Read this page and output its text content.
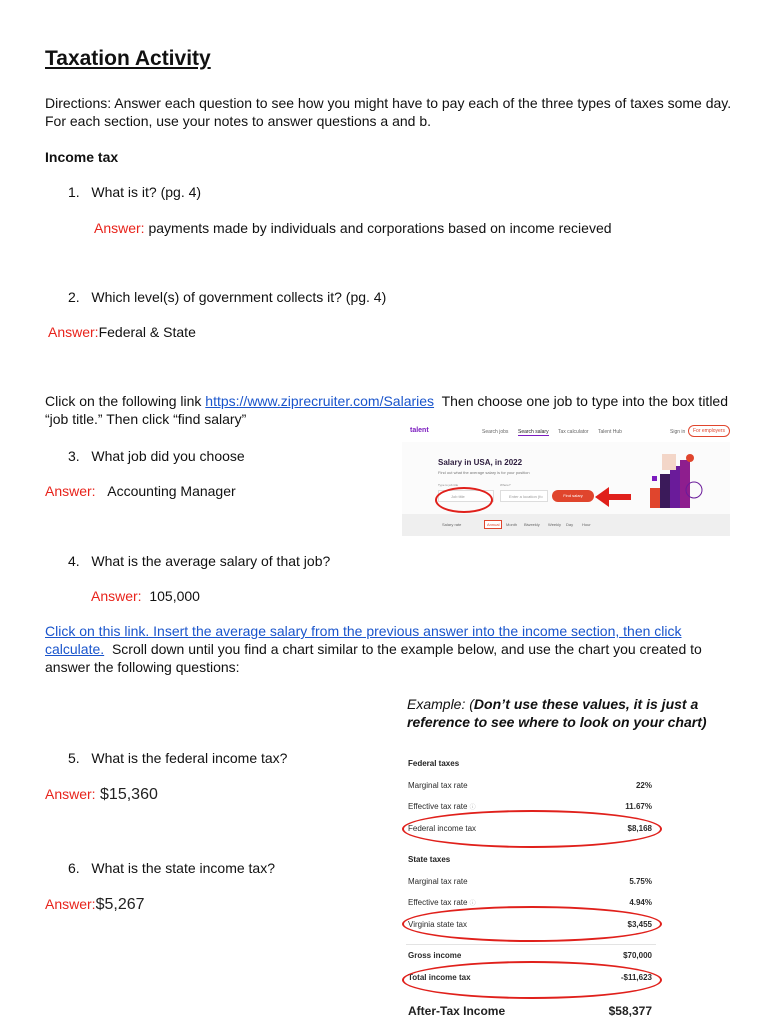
Taxation Activity
Directions: Answer each question to see how you might have to pay each of the three types of taxes some day. For each section, use your notes to answer questions a and b.
Income tax
1. What is it? (pg. 4)
Answer: payments made by individuals and corporations based on income recieved
2. Which level(s) of government collects it? (pg. 4)
Answer:Federal & State
Click on the following link https://www.ziprecruiter.com/Salaries Then choose one job to type into the box titled “job title.” Then click “find salary”
3. What job did you choose
Answer: Accounting Manager
talent	Search jobs Search salary Tax calculator Talent Hub	Sign in	For employers
Salary in USA, in 2022
Find out what the average salary is for your position
Type to job title	Where?
Job title	Enter a location (fo	Find salary
Salary rate	Annual	Month Biweekly Weekly Day Hour
4. What is the average salary of that job?
Answer: 105,000
Click on this link. Insert the average salary from the previous answer into the income section, then click calculate. Scroll down until you find a chart similar to the example below, and use the chart you created to answer the following questions:
Example: (Don’t use these values, it is just a reference to see where to look on your chart)
5. What is the federal income tax?
Answer: $15,360
6. What is the state income tax?
Answer:$5,267
Federal taxes
Marginal tax rate	22%
Effective tax rate ⓘ	11.67%
Federal income tax	$8,168
State taxes
Marginal tax rate	5.75%
Effective tax rate ⓘ	4.94%
Virginia state tax	$3,455
Gross income	$70,000
Total income tax	-$11,623
After-Tax Income	$58,377
